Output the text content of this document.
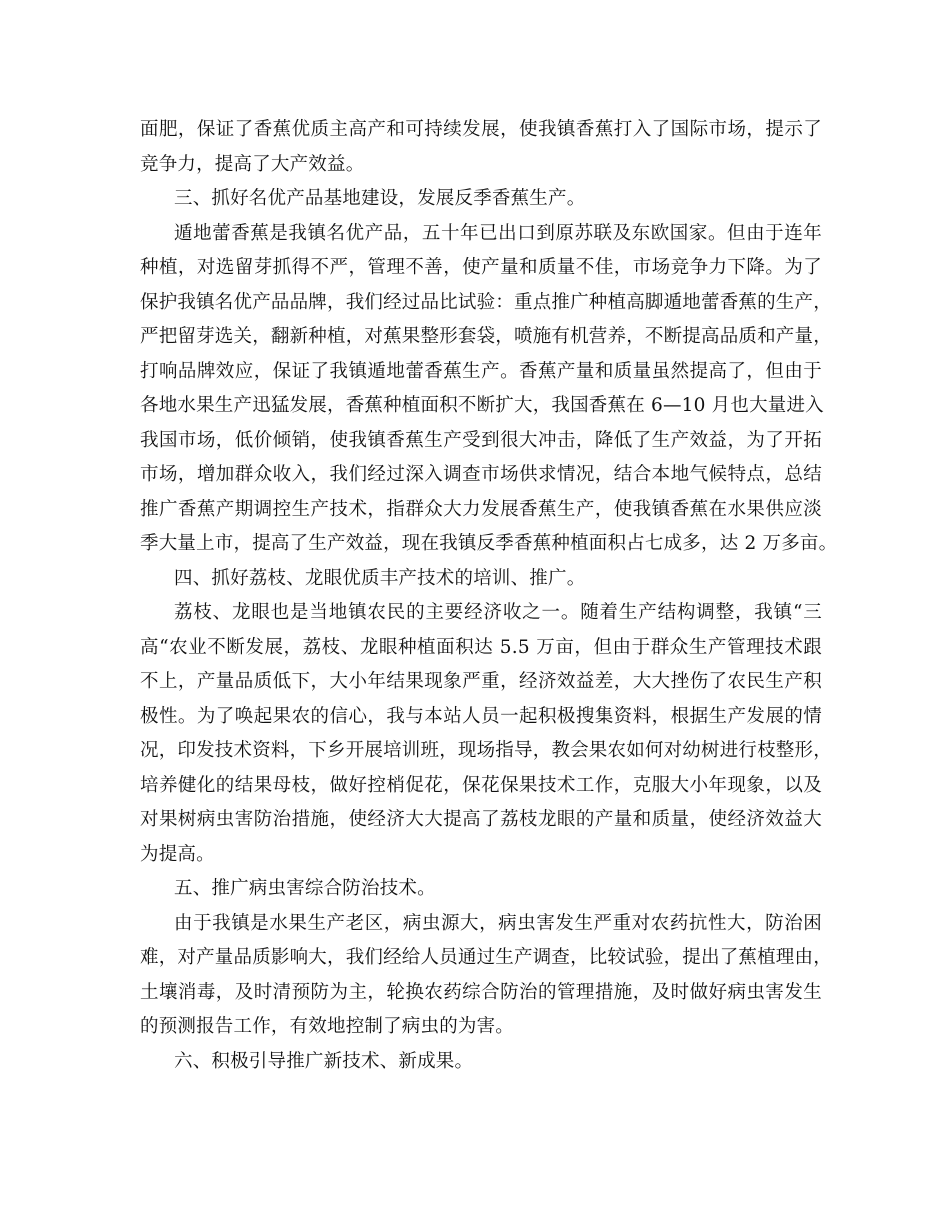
面肥，保证了香蕉优质主高产和可持续发展，使我镇香蕉打入了国际市场，提示了
竞争力，提高了大产效益。
三、抓好名优产品基地建设，发展反季香蕉生产。
遁地蕾香蕉是我镇名优产品，五十年已出口到原苏联及东欧国家。但由于连年
种植，对选留芽抓得不严，管理不善，使产量和质量不佳，市场竞争力下降。为了
保护我镇名优产品品牌，我们经过品比试验：重点推广种植高脚遁地蕾香蕉的生产，
严把留芽选关，翻新种植，对蕉果整形套袋，喷施有机营养，不断提高品质和产量，
打响品牌效应，保证了我镇遁地蕾香蕉生产。香蕉产量和质量虽然提高了，但由于
各地水果生产迅猛发展，香蕉种植面积不断扩大，我国香蕉在 6—10 月也大量进入
我国市场，低价倾销，使我镇香蕉生产受到很大冲击，降低了生产效益，为了开拓
市场，增加群众收入，我们经过深入调查市场供求情况，结合本地气候特点，总结
推广香蕉产期调控生产技术，指群众大力发展香蕉生产，使我镇香蕉在水果供应淡
季大量上市，提高了生产效益，现在我镇反季香蕉种植面积占七成多，达 2 万多亩。
四、抓好荔枝、龙眼优质丰产技术的培训、推广。
荔枝、龙眼也是当地镇农民的主要经济收之一。随着生产结构调整，我镇“三
高“农业不断发展，荔枝、龙眼种植面积达 5.5 万亩，但由于群众生产管理技术跟
不上，产量品质低下，大小年结果现象严重，经济效益差，大大挫伤了农民生产积
极性。为了唤起果农的信心，我与本站人员一起积极搜集资料，根据生产发展的情
况，印发技术资料，下乡开展培训班，现场指导，教会果农如何对幼树进行枝整形，
培养健化的结果母枝，做好控梢促花，保花保果技术工作，克服大小年现象，以及
对果树病虫害防治措施，使经济大大提高了荔枝龙眼的产量和质量，使经济效益大
为提高。
五、推广病虫害综合防治技术。
由于我镇是水果生产老区，病虫源大，病虫害发生严重对农药抗性大，防治困
难，对产量品质影响大，我们经给人员通过生产调查，比较试验，提出了蕉植理由，
土壤消毒，及时清预防为主，轮换农药综合防治的管理措施，及时做好病虫害发生
的预测报告工作，有效地控制了病虫的为害。
六、积极引导推广新技术、新成果。
